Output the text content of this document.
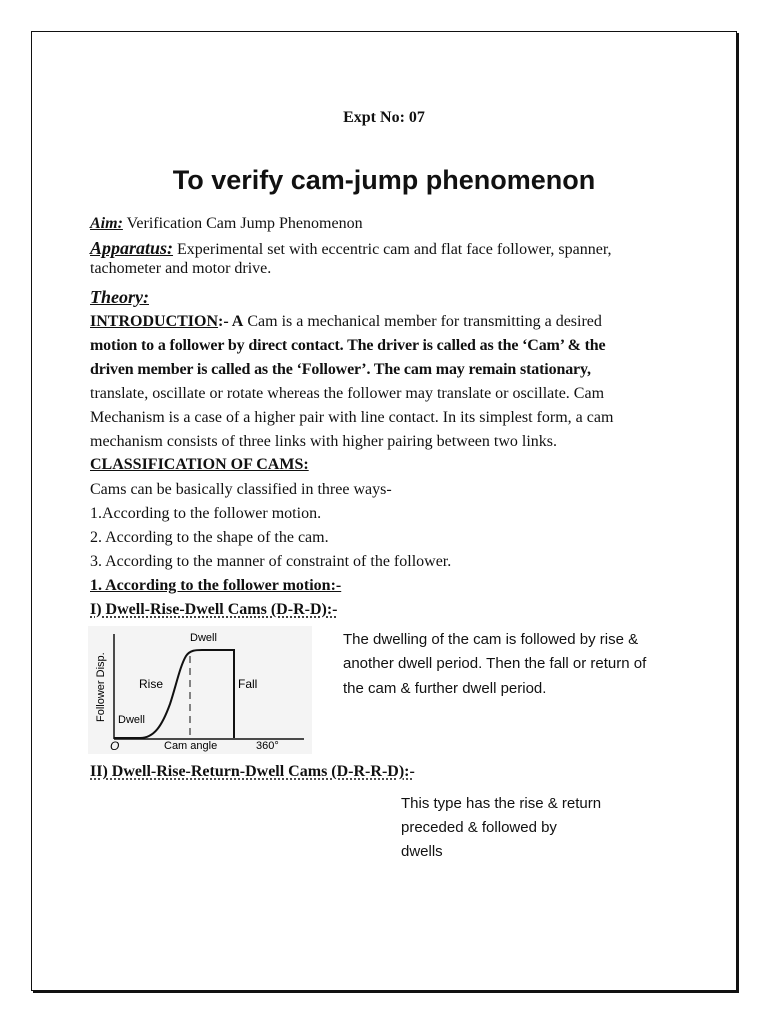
Expt No: 07
To verify cam-jump phenomenon
Aim: Verification Cam Jump Phenomenon
Apparatus: Experimental set with eccentric cam and flat face follower, spanner,
tachometer and motor drive.
Theory:
INTRODUCTION:- A Cam is a mechanical member for transmitting a desired
motion to a follower by direct contact. The driver is called as the ‘Cam’ & the
driven member is called as the ‘Follower’. The cam may remain stationary,
translate, oscillate or rotate whereas the follower may translate or oscillate. Cam
Mechanism is a case of a higher pair with line contact. In its simplest form, a cam
mechanism consists of three links with higher pairing between two links.
CLASSIFICATION OF CAMS:
Cams can be basically classified in three ways-
1.According to the follower motion.
2. According to the shape of the cam.
3. According to the manner of constraint of the follower.
1. According to the follower motion:-
I) Dwell-Rise-Dwell Cams (D-R-D):-
Follower Disp.
Dwell
Rise	Fall
Dwell
O	Cam angle	360°
The dwelling of the cam is followed by rise &
another dwell period. Then the fall or return of
the cam & further dwell period.
II) Dwell-Rise-Return-Dwell Cams (D-R-R-D):-
This type has the rise & return
preceded & followed by
dwells
